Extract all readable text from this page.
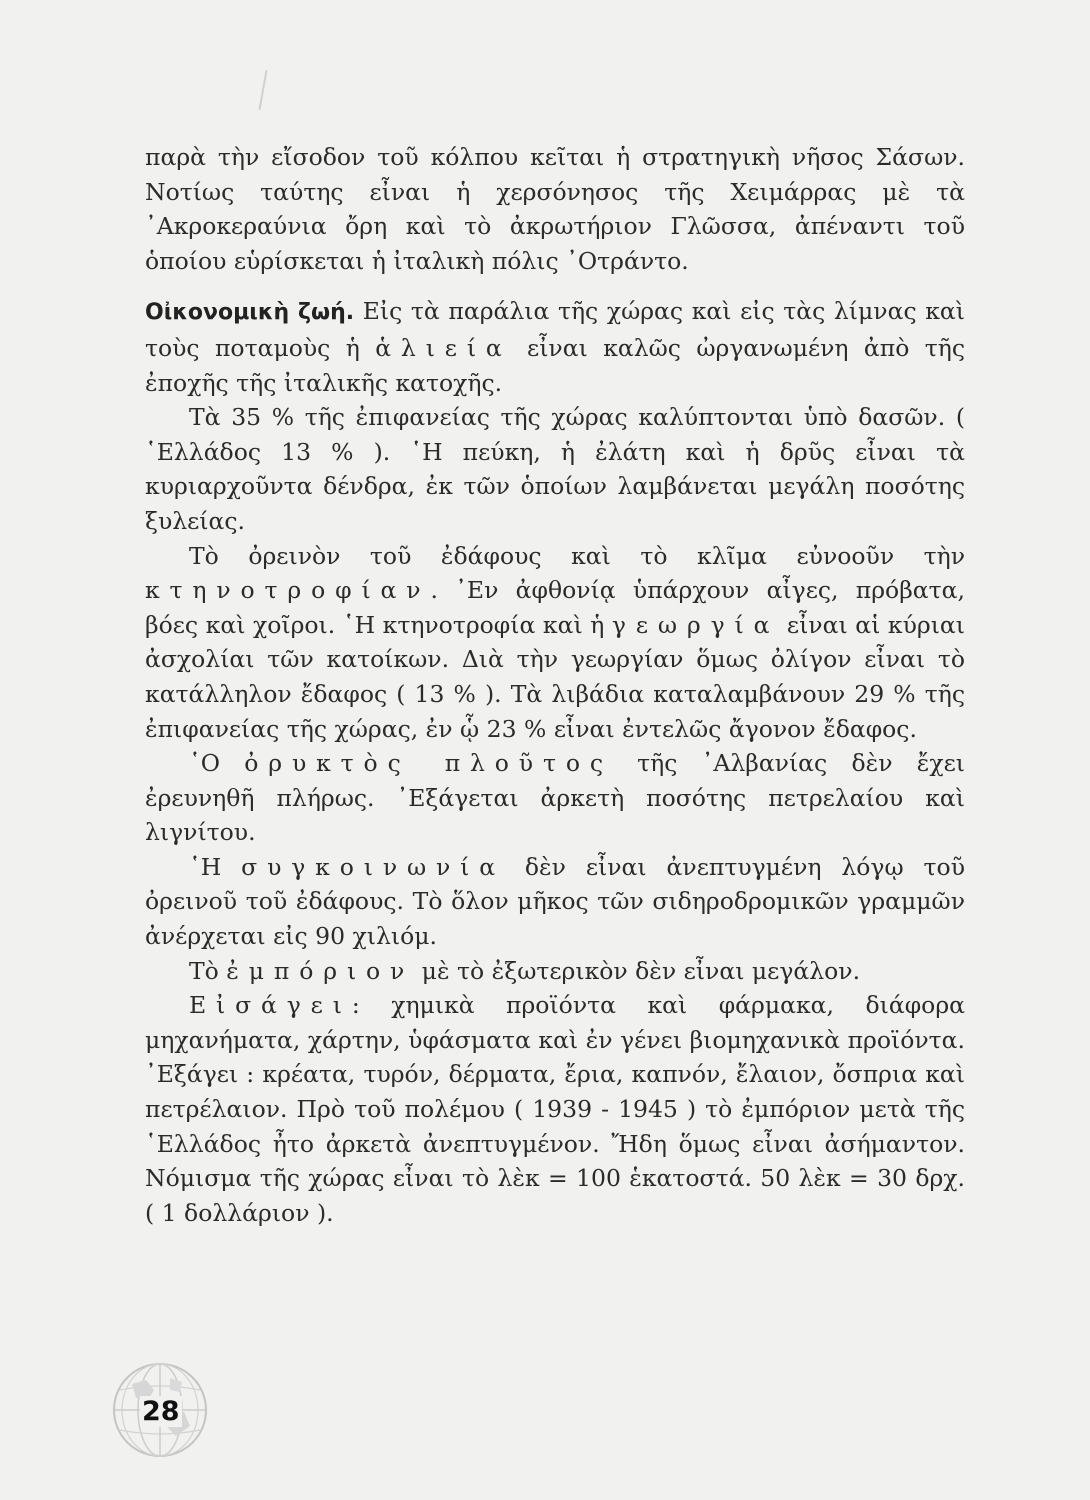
παρὰ τὴν εἴσοδον τοῦ κόλπου κεῖται ἡ στρατηγικὴ νῆσος Σάσων. Νοτίως ταύτης εἶναι ἡ χερσόνησος τῆς Χειμάρρας μὲ τὰ ᾿Ακροκεραύνια ὄρη καὶ τὸ ἀκρωτήριον Γλῶσσα, ἀπέναντι τοῦ ὁποίου εὑρίσκεται ἡ ἰταλικὴ πόλις ᾿Οτράντο.

Οἰκονομικὴ ζωή. Εἰς τὰ παράλια τῆς χώρας καὶ εἰς τὰς λίμνας καὶ τοὺς ποταμοὺς ἡ ἁλιεία εἶναι καλῶς ὠργανωμένη ἀπὸ τῆς ἐποχῆς τῆς ἰταλικῆς κατοχῆς.

Τὰ 35 % τῆς ἐπιφανείας τῆς χώρας καλύπτονται ὑπὸ δασῶν. ( ῾Ελλάδος 13 % ). ῾Η πεύκη, ἡ ἐλάτη καὶ ἡ δρῦς εἶναι τὰ κυριαρχοῦντα δένδρα, ἐκ τῶν ὁποίων λαμβάνεται μεγάλη ποσότης ξυλείας.

Τὸ ὀρεινὸν τοῦ ἐδάφους καὶ τὸ κλῖμα εὐνοοῦν τὴν κτηνοτροφίαν. ᾿Εν ἀφθονίᾳ ὑπάρχουν αἶγες, πρόβατα, βόες καὶ χοῖροι. ῾Η κτηνοτροφία καὶ ἡ γεωργία εἶναι αἱ κύριαι ἀσχολίαι τῶν κατοίκων. Διὰ τὴν γεωργίαν ὅμως ὀλίγον εἶναι τὸ κατάλληλον ἔδαφος ( 13 % ). Τὰ λιβάδια καταλαμβάνουν 29 % τῆς ἐπιφανείας τῆς χώρας, ἐν ᾧ 23 % εἶναι ἐντελῶς ἄγονον ἔδαφος.

῾Ο ὀρυκτὸς πλοῦτος τῆς ᾿Αλβανίας δὲν ἔχει ἐρευνηθῆ πλήρως. ᾿Εξάγεται ἀρκετὴ ποσότης πετρελαίου καὶ λιγνίτου.

῾Η συγκοινωνία δὲν εἶναι ἀνεπτυγμένη λόγῳ τοῦ ὀρεινοῦ τοῦ ἐδάφους. Τὸ ὅλον μῆκος τῶν σιδηροδρομικῶν γραμμῶν ἀνέρχεται εἰς 90 χιλιόμ.

Τὸ ἐμπόριον μὲ τὸ ἐξωτερικὸν δὲν εἶναι μεγάλον.

Εἰσάγει: χημικὰ προϊόντα καὶ φάρμακα, διάφορα μηχανήματα, χάρτην, ὑφάσματα καὶ ἐν γένει βιομηχανικὰ προϊόντα. ᾿Εξάγει : κρέατα, τυρόν, δέρματα, ἔρια, καπνόν, ἔλαιον, ὄσπρια καὶ πετρέλαιον. Πρὸ τοῦ πολέμου ( 1939 - 1945 ) τὸ ἐμπόριον μετὰ τῆς ῾Ελλάδος ἦτο ἀρκετὰ ἀνεπτυγμένον. Ἤδη ὅμως εἶναι ἀσήμαντον. Νόμισμα τῆς χώρας εἶναι τὸ λὲκ = 100 ἑκατοστά. 50 λὲκ = 30 δρχ. ( 1 δολλάριον ).

28
